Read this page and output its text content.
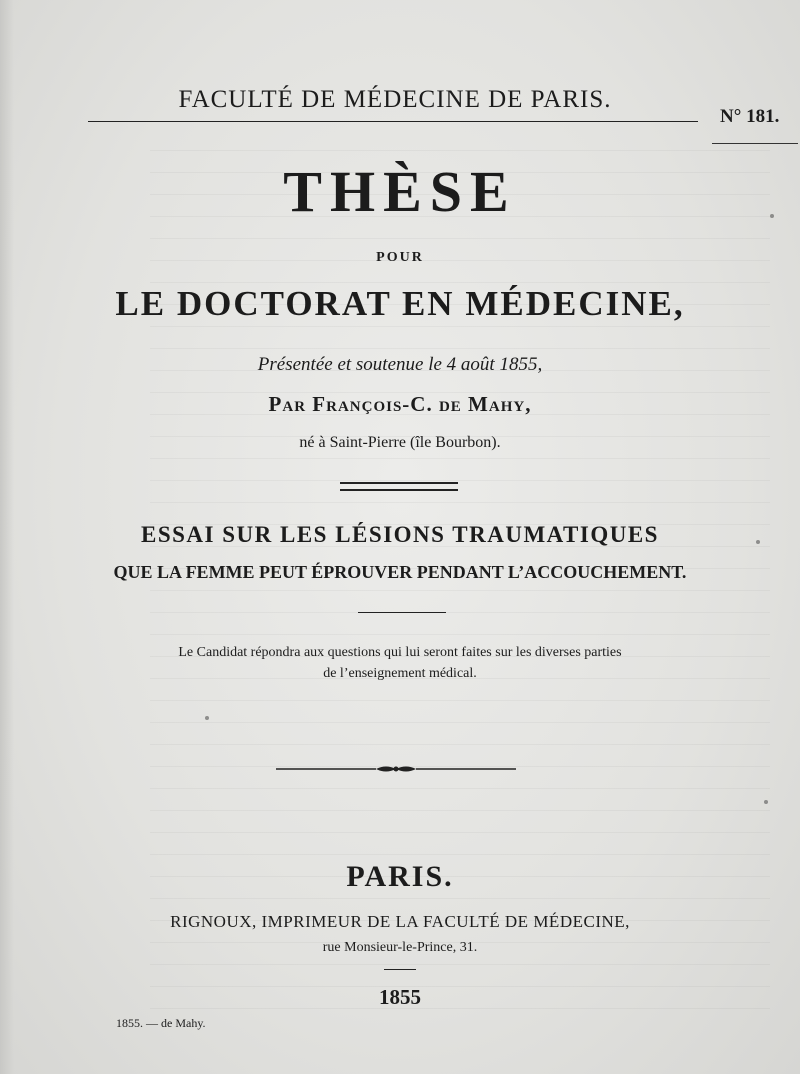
FACULTÉ DE MÉDECINE DE PARIS.
N° 181.
THÈSE
POUR
LE DOCTORAT EN MÉDECINE,
Présentée et soutenue le 4 août 1855,
Par François-C. de Mahy,
né à Saint-Pierre (île Bourbon).
ESSAI SUR LES LÉSIONS TRAUMATIQUES
QUE LA FEMME PEUT ÉPROUVER PENDANT L’ACCOUCHEMENT.
Le Candidat répondra aux questions qui lui seront faites sur les diverses parties
de l’enseignement médical.
PARIS.
RIGNOUX, IMPRIMEUR DE LA FACULTÉ DE MÉDECINE,
rue Monsieur-le-Prince, 31.
1855
1855. — de Mahy.
